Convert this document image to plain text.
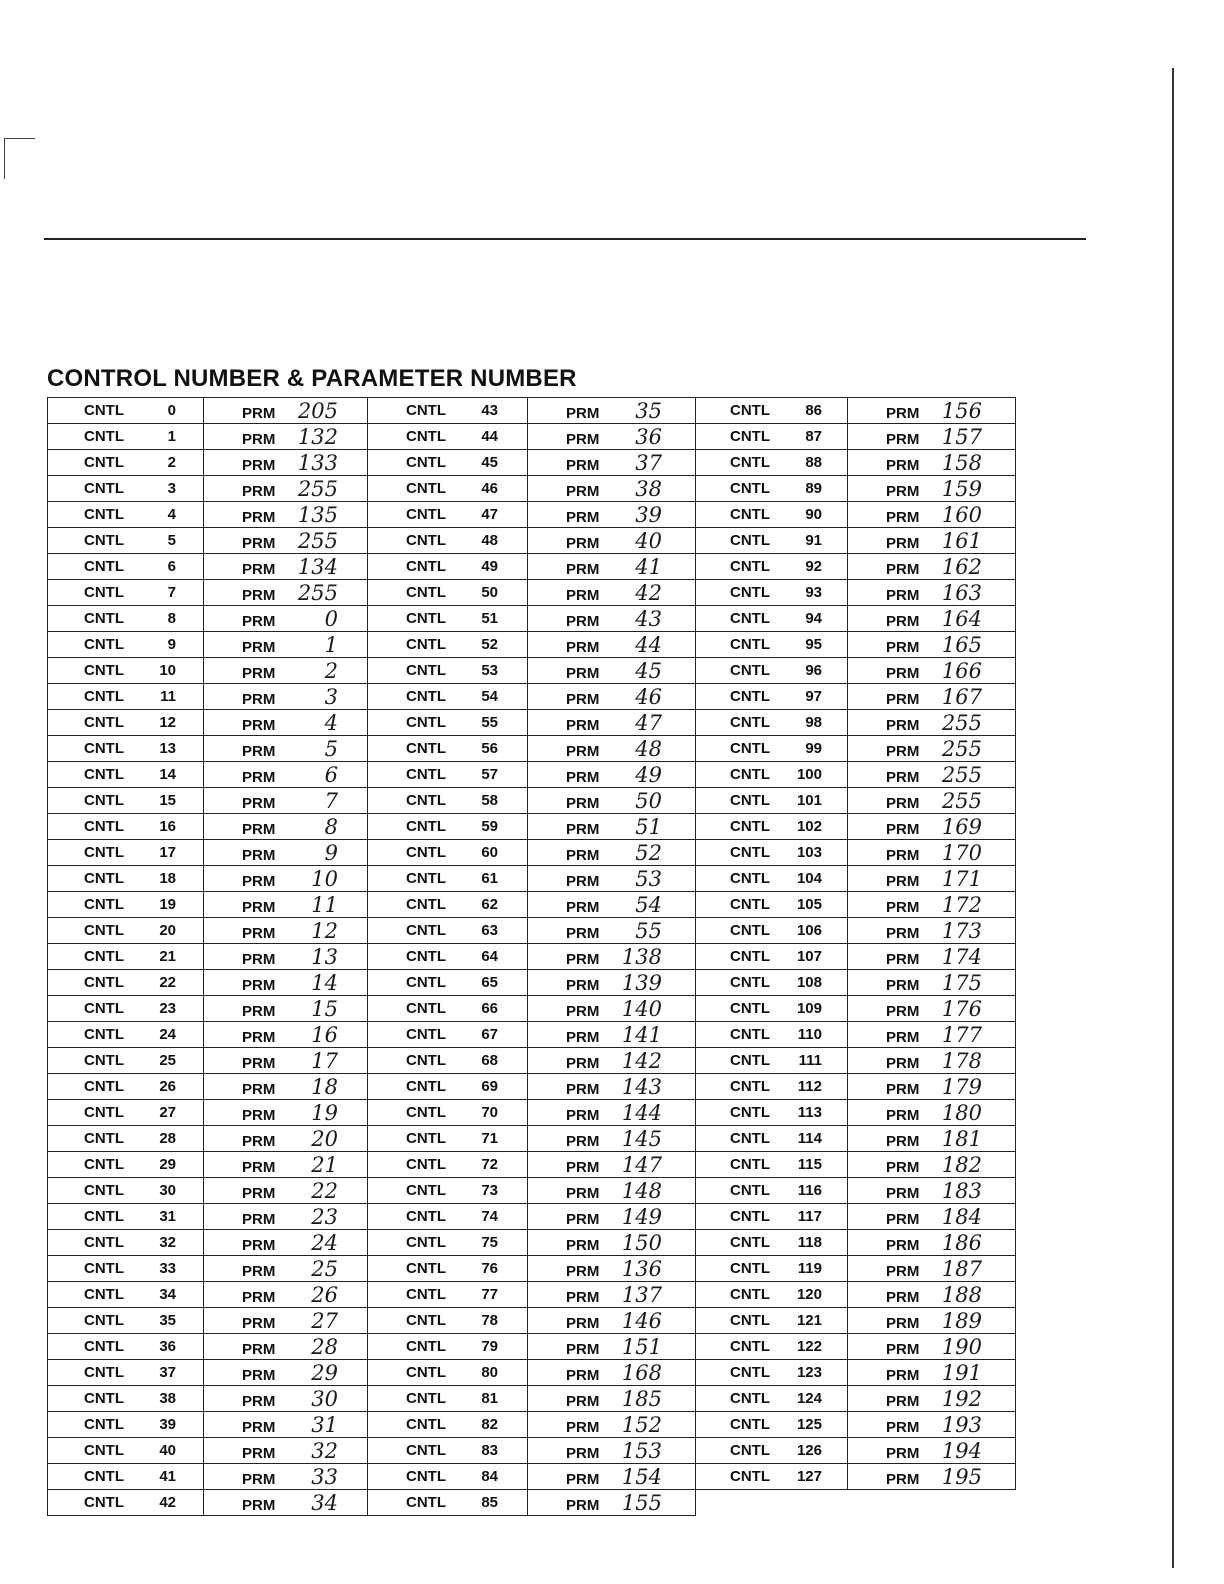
CONTROL NUMBER & PARAMETER NUMBER
CNTL 0	PRM 205
CNTL 1	PRM 132
CNTL 2	PRM 133
CNTL 3	PRM 255
CNTL 4	PRM 135
CNTL 5	PRM 255
CNTL 6	PRM 134
CNTL 7	PRM 255
CNTL 8	PRM 0
CNTL 9	PRM 1
CNTL 10	PRM 2
CNTL 11	PRM 3
CNTL 12	PRM 4
CNTL 13	PRM 5
CNTL 14	PRM 6
CNTL 15	PRM 7
CNTL 16	PRM 8
CNTL 17	PRM 9
CNTL 18	PRM 10
CNTL 19	PRM 11
CNTL 20	PRM 12
CNTL 21	PRM 13
CNTL 22	PRM 14
CNTL 23	PRM 15
CNTL 24	PRM 16
CNTL 25	PRM 17
CNTL 26	PRM 18
CNTL 27	PRM 19
CNTL 28	PRM 20
CNTL 29	PRM 21
CNTL 30	PRM 22
CNTL 31	PRM 23
CNTL 32	PRM 24
CNTL 33	PRM 25
CNTL 34	PRM 26
CNTL 35	PRM 27
CNTL 36	PRM 28
CNTL 37	PRM 29
CNTL 38	PRM 30
CNTL 39	PRM 31
CNTL 40	PRM 32
CNTL 41	PRM 33
CNTL 42	PRM 34
CNTL 43	PRM 35
CNTL 44	PRM 36
CNTL 45	PRM 37
CNTL 46	PRM 38
CNTL 47	PRM 39
CNTL 48	PRM 40
CNTL 49	PRM 41
CNTL 50	PRM 42
CNTL 51	PRM 43
CNTL 52	PRM 44
CNTL 53	PRM 45
CNTL 54	PRM 46
CNTL 55	PRM 47
CNTL 56	PRM 48
CNTL 57	PRM 49
CNTL 58	PRM 50
CNTL 59	PRM 51
CNTL 60	PRM 52
CNTL 61	PRM 53
CNTL 62	PRM 54
CNTL 63	PRM 55
CNTL 64	PRM 138
CNTL 65	PRM 139
CNTL 66	PRM 140
CNTL 67	PRM 141
CNTL 68	PRM 142
CNTL 69	PRM 143
CNTL 70	PRM 144
CNTL 71	PRM 145
CNTL 72	PRM 147
CNTL 73	PRM 148
CNTL 74	PRM 149
CNTL 75	PRM 150
CNTL 76	PRM 136
CNTL 77	PRM 137
CNTL 78	PRM 146
CNTL 79	PRM 151
CNTL 80	PRM 168
CNTL 81	PRM 185
CNTL 82	PRM 152
CNTL 83	PRM 153
CNTL 84	PRM 154
CNTL 85	PRM 155
CNTL 86	PRM 156
CNTL 87	PRM 157
CNTL 88	PRM 158
CNTL 89	PRM 159
CNTL 90	PRM 160
CNTL 91	PRM 161
CNTL 92	PRM 162
CNTL 93	PRM 163
CNTL 94	PRM 164
CNTL 95	PRM 165
CNTL 96	PRM 166
CNTL 97	PRM 167
CNTL 98	PRM 255
CNTL 99	PRM 255
CNTL 100	PRM 255
CNTL 101	PRM 255
CNTL 102	PRM 169
CNTL 103	PRM 170
CNTL 104	PRM 171
CNTL 105	PRM 172
CNTL 106	PRM 173
CNTL 107	PRM 174
CNTL 108	PRM 175
CNTL 109	PRM 176
CNTL 110	PRM 177
CNTL 111	PRM 178
CNTL 112	PRM 179
CNTL 113	PRM 180
CNTL 114	PRM 181
CNTL 115	PRM 182
CNTL 116	PRM 183
CNTL 117	PRM 184
CNTL 118	PRM 186
CNTL 119	PRM 187
CNTL 120	PRM 188
CNTL 121	PRM 189
CNTL 122	PRM 190
CNTL 123	PRM 191
CNTL 124	PRM 192
CNTL 125	PRM 193
CNTL 126	PRM 194
CNTL 127	PRM 195
